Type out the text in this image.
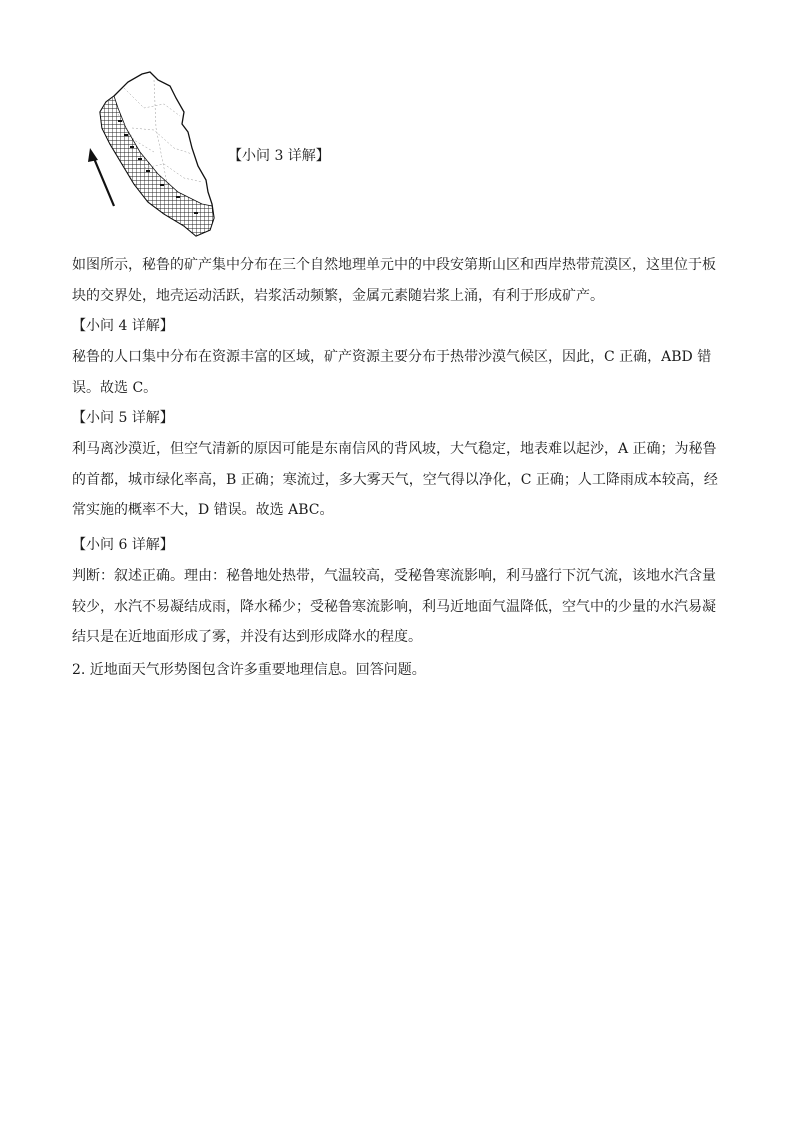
【小问 3 详解】
如图所示，秘鲁的矿产集中分布在三个自然地理单元中的中段安第斯山区和西岸热带荒漠区，这里位于板
块的交界处，地壳运动活跃，岩浆活动频繁，金属元素随岩浆上涌，有利于形成矿产。
【小问 4 详解】
秘鲁的人口集中分布在资源丰富的区域，矿产资源主要分布于热带沙漠气候区，因此，C 正确，ABD 错
误。故选 C。
【小问 5 详解】
利马离沙漠近，但空气清新的原因可能是东南信风的背风坡，大气稳定，地表难以起沙，A 正确；为秘鲁
的首都，城市绿化率高，B 正确；寒流过，多大雾天气，空气得以净化，C 正确；人工降雨成本较高，经
常实施的概率不大，D 错误。故选 ABC。
【小问 6 详解】
判断：叙述正确。理由：秘鲁地处热带，气温较高，受秘鲁寒流影响，利马盛行下沉气流，该地水汽含量
较少，水汽不易凝结成雨，降水稀少；受秘鲁寒流影响，利马近地面气温降低，空气中的少量的水汽易凝
结只是在近地面形成了雾，并没有达到形成降水的程度。
2. 近地面天气形势图包含许多重要地理信息。回答问题。
